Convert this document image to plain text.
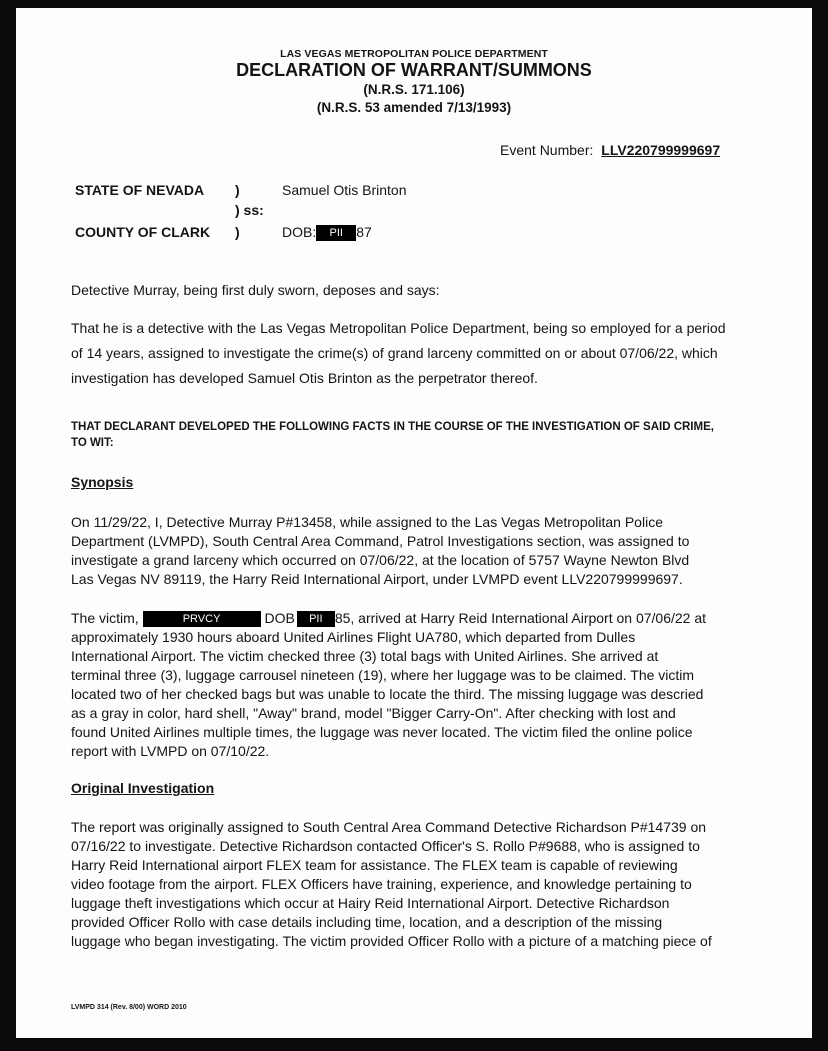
LAS VEGAS METROPOLITAN POLICE DEPARTMENT
DECLARATION OF WARRANT/SUMMONS
(N.R.S. 171.106)
(N.R.S. 53 amended 7/13/1993)
Event Number: LLV220799999697
STATE OF NEVADA )	Samuel Otis Brinton
) ss:
COUNTY OF CLARK )	DOB: PII 87
Detective Murray, being first duly sworn, deposes and says:
That he is a detective with the Las Vegas Metropolitan Police Department, being so employed for a period
of 14 years, assigned to investigate the crime(s) of grand larceny committed on or about 07/06/22, which
investigation has developed Samuel Otis Brinton as the perpetrator thereof.
THAT DECLARANT DEVELOPED THE FOLLOWING FACTS IN THE COURSE OF THE INVESTIGATION OF SAID CRIME,
TO WIT:
Synopsis
On 11/29/22, I, Detective Murray P#13458, while assigned to the Las Vegas Metropolitan Police
Department (LVMPD), South Central Area Command, Patrol Investigations section, was assigned to
investigate a grand larceny which occurred on 07/06/22, at the location of 5757 Wayne Newton Blvd
Las Vegas NV 89119, the Harry Reid International Airport, under LVMPD event LLV220799999697.
The victim,	PRVCY	DOB PII 85, arrived at Harry Reid International Airport on 07/06/22 at
approximately 1930 hours aboard United Airlines Flight UA780, which departed from Dulles
International Airport. The victim checked three (3) total bags with United Airlines. She arrived at
terminal three (3), luggage carrousel nineteen (19), where her luggage was to be claimed. The victim
located two of her checked bags but was unable to locate the third. The missing luggage was descried
as a gray in color, hard shell, "Away" brand, model "Bigger Carry-On". After checking with lost and
found United Airlines multiple times, the luggage was never located. The victim filed the online police
report with LVMPD on 07/10/22.
Original Investigation
The report was originally assigned to South Central Area Command Detective Richardson P#14739 on
07/16/22 to investigate. Detective Richardson contacted Officer's S. Rollo P#9688, who is assigned to
Harry Reid International airport FLEX team for assistance. The FLEX team is capable of reviewing
video footage from the airport. FLEX Officers have training, experience, and knowledge pertaining to
luggage theft investigations which occur at Hairy Reid International Airport. Detective Richardson
provided Officer Rollo with case details including time, location, and a description of the missing
luggage who began investigating. The victim provided Officer Rollo with a picture of a matching piece of
LVMPD 314 (Rev. 8/00) WORD 2010
